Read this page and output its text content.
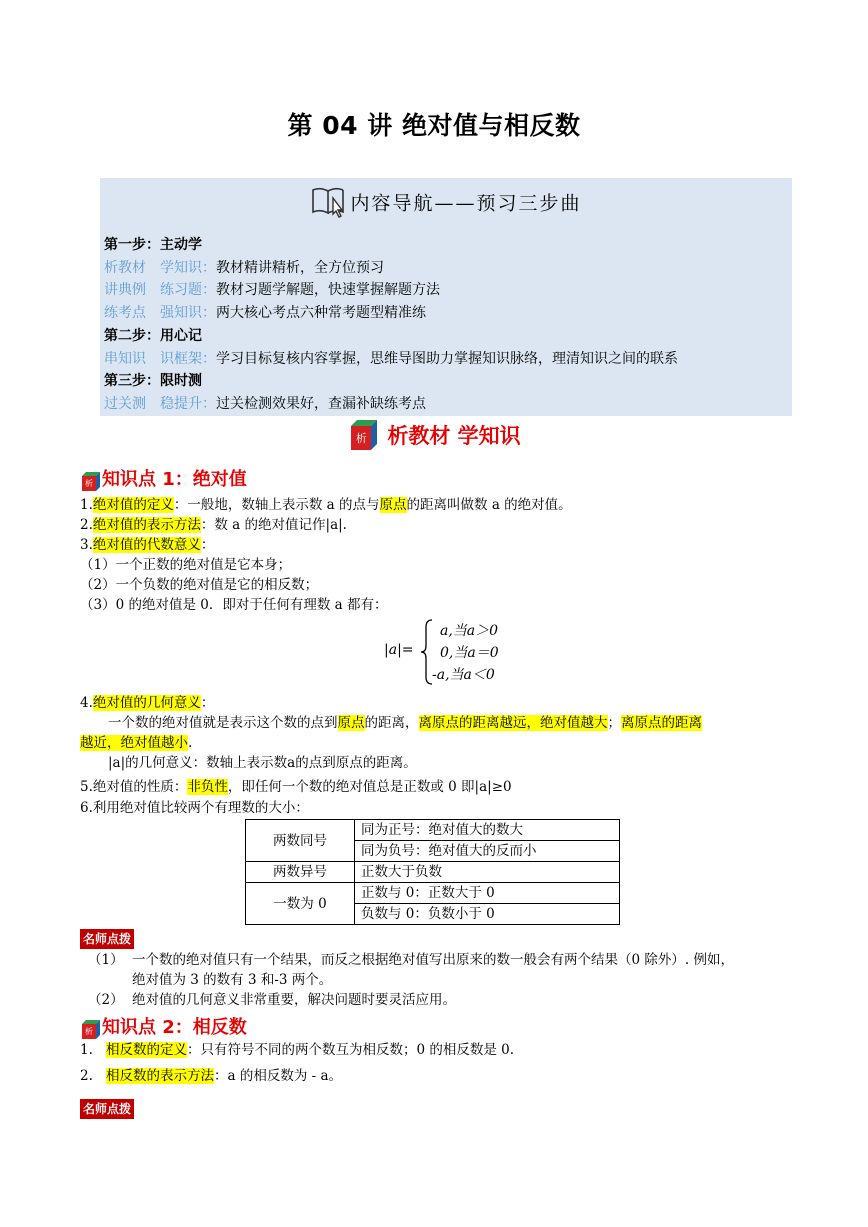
第 04 讲 绝对值与相反数
内容导航——预习三步曲
第一步：主动学
析教材　学知识：教材精讲精析，全方位预习
讲典例　练习题：教材习题学解题，快速掌握解题方法
练考点　强知识：两大核心考点六种常考题型精准练
第二步：用心记
串知识　识框架：学习目标复核内容掌握，思维导图助力掌握知识脉络，理清知识之间的联系
第三步：限时测
过关测　稳提升：过关检测效果好，查漏补缺练考点
析 析教材 学知识
析 知识点 1：绝对值
1.绝对值的定义：一般地，数轴上表示数 a 的点与原点的距离叫做数 a 的绝对值。
2.绝对值的表示方法：数 a 的绝对值记作|a|.
3.绝对值的代数意义：
（1）一个正数的绝对值是它本身；
（2）一个负数的绝对值是它的相反数；
（3）0 的绝对值是 0．即对于任何有理数 a 都有：
|a|=
a,当a＞0
0,当a＝0
-a,当a＜0
4.绝对值的几何意义：
一个数的绝对值就是表示这个数的点到原点的距离，离原点的距离越远，绝对值越大；离原点的距离
越近，绝对值越小.
|a|的几何意义：数轴上表示数a的点到原点的距离。
5.绝对值的性质：非负性，即任何一个数的绝对值总是正数或 0 即|a|≥0
6.利用绝对值比较两个有理数的大小：
两数同号	同为正号：绝对值大的数大
	同为负号：绝对值大的反而小
两数异号	正数大于负数
一数为 0	正数与 0：正数大于 0
	负数与 0：负数小于 0
名师点拨
（1） 一个数的绝对值只有一个结果，而反之根据绝对值写出原来的数一般会有两个结果（0 除外）. 例如，
绝对值为 3 的数有 3 和-3 两个。
（2） 绝对值的几何意义非常重要，解决问题时要灵活应用。
析 知识点 2：相反数
1. 相反数的定义：只有符号不同的两个数互为相反数；0 的相反数是 0.
2. 相反数的表示方法：a 的相反数为 - a。
名师点拨
